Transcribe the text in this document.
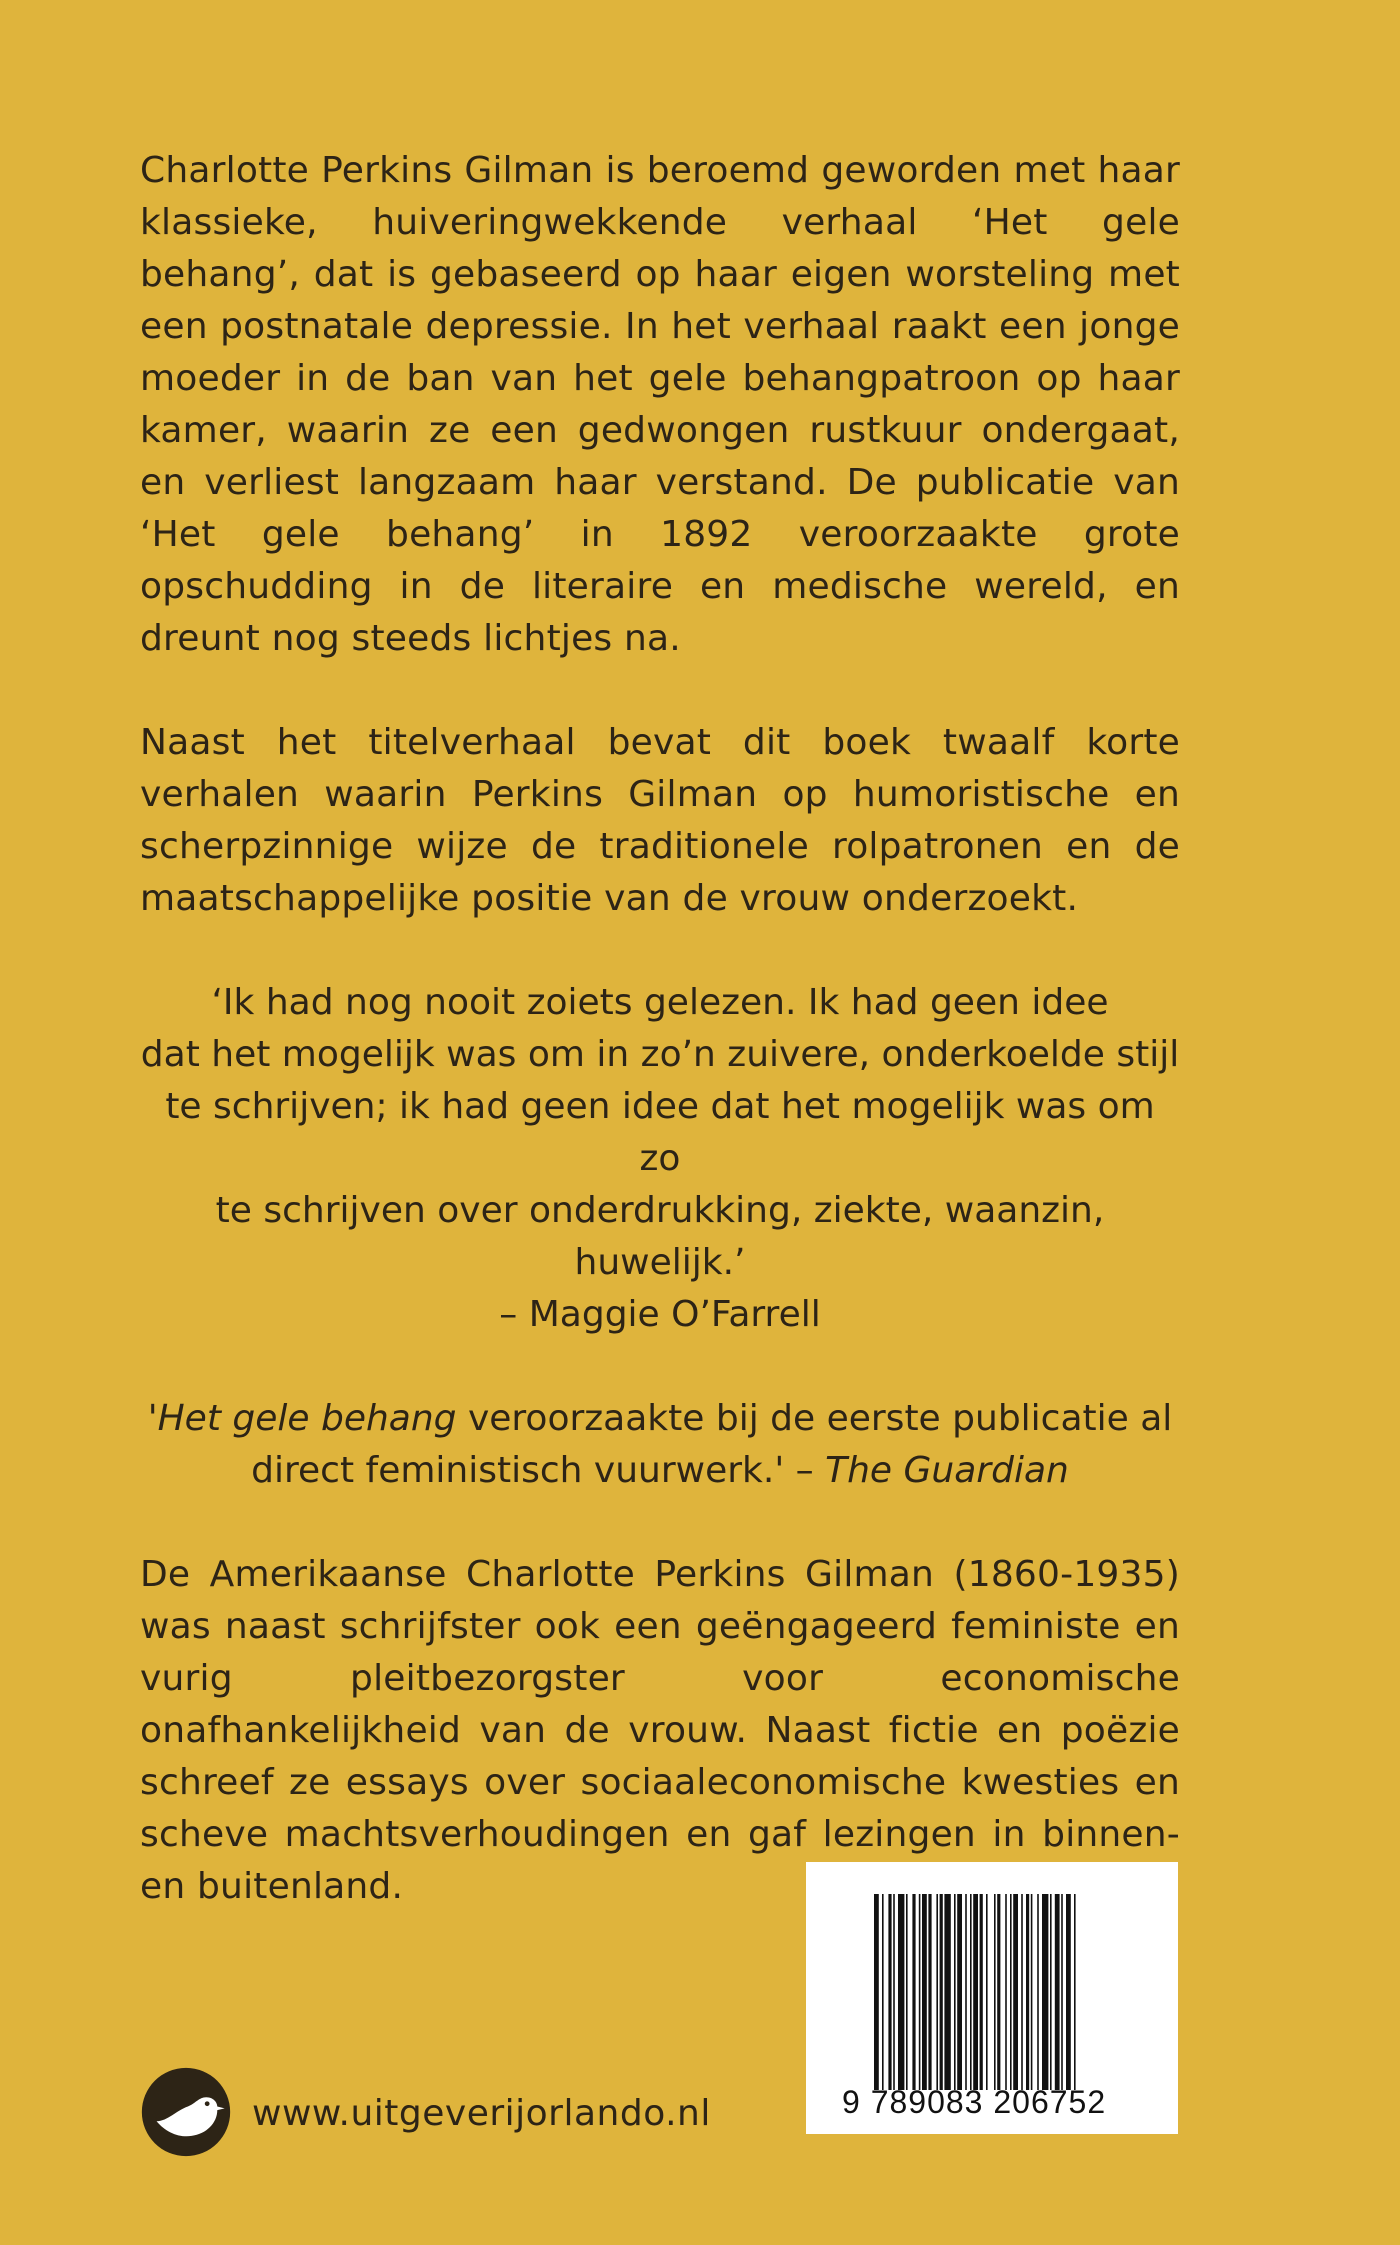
Charlotte Perkins Gilman is beroemd geworden met haar klassieke, huiveringwekkende verhaal ‘Het gele behang’, dat is gebaseerd op haar eigen worsteling met een postnatale depressie. In het verhaal raakt een jonge moeder in de ban van het gele behangpatroon op haar kamer, waarin ze een gedwongen rustkuur ondergaat, en verliest langzaam haar verstand. De publicatie van ‘Het gele behang’ in 1892 veroorzaakte grote opschudding in de literaire en medische wereld, en dreunt nog steeds lichtjes na.

Naast het titelverhaal bevat dit boek twaalf korte verhalen waarin Perkins Gilman op humoristische en scherpzinnige wijze de traditionele rolpatronen en de maatschappelijke positie van de vrouw onderzoekt.

‘Ik had nog nooit zoiets gelezen. Ik had geen idee
dat het mogelijk was om in zo’n zuivere, onderkoelde stijl
te schrijven; ik had geen idee dat het mogelijk was om zo
te schrijven over onderdrukking, ziekte, waanzin, huwelijk.’
– Maggie O’Farrell
'Het gele behang veroorzaakte bij de eerste publicatie al
direct feministisch vuurwerk.' – The Guardian

De Amerikaanse Charlotte Perkins Gilman (1860-1935) was naast schrijfster ook een geëngageerd feministe en vurig pleitbezorgster voor economische onafhankelijkheid van de vrouw. Naast fictie en poëzie schreef ze essays over sociaaleconomische kwesties en scheve machtsverhoudingen en gaf lezingen in binnen- en buitenland.

9 789083 206752
www.uitgeverijorlando.nl
